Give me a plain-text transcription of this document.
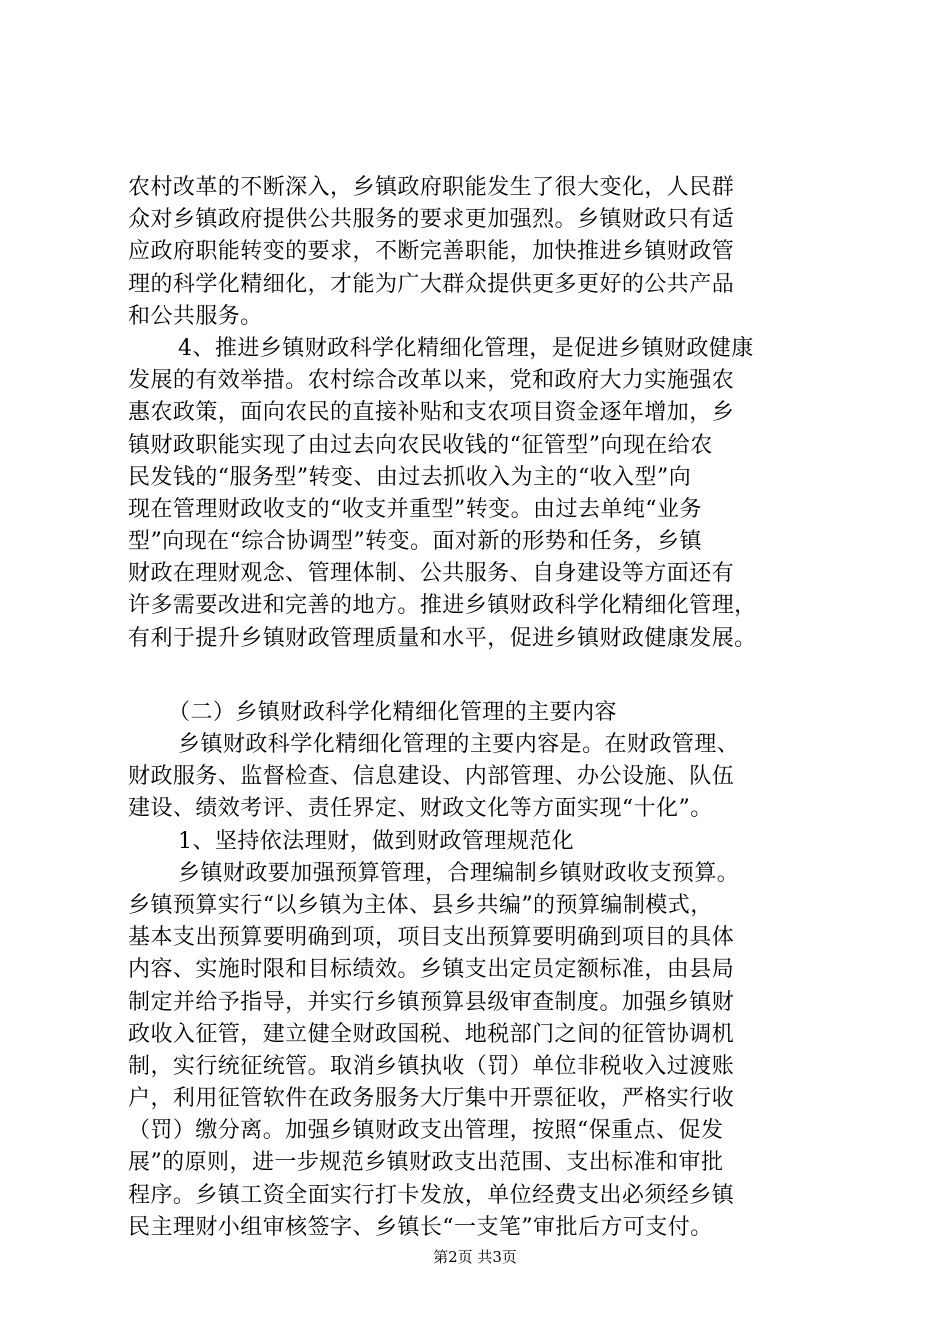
农村改革的不断深入，乡镇政府职能发生了很大变化，人民群
众对乡镇政府提供公共服务的要求更加强烈。乡镇财政只有适
应政府职能转变的要求，不断完善职能，加快推进乡镇财政管
理的科学化精细化，才能为广大群众提供更多更好的公共产品
和公共服务。
4、推进乡镇财政科学化精细化管理，是促进乡镇财政健康
发展的有效举措。农村综合改革以来，党和政府大力实施强农
惠农政策，面向农民的直接补贴和支农项目资金逐年增加，乡
镇财政职能实现了由过去向农民收钱的“征管型”向现在给农
民发钱的“服务型”转变、由过去抓收入为主的“收入型”向
现在管理财政收支的“收支并重型”转变。由过去单纯“业务
型”向现在“综合协调型”转变。面对新的形势和任务，乡镇
财政在理财观念、管理体制、公共服务、自身建设等方面还有
许多需要改进和完善的地方。推进乡镇财政科学化精细化管理，
有利于提升乡镇财政管理质量和水平，促进乡镇财政健康发展。
（二）乡镇财政科学化精细化管理的主要内容
乡镇财政科学化精细化管理的主要内容是。在财政管理、
财政服务、监督检查、信息建设、内部管理、办公设施、队伍
建设、绩效考评、责任界定、财政文化等方面实现“十化”。
1、坚持依法理财，做到财政管理规范化
乡镇财政要加强预算管理，合理编制乡镇财政收支预算。
乡镇预算实行“以乡镇为主体、县乡共编”的预算编制模式，
基本支出预算要明确到项，项目支出预算要明确到项目的具体
内容、实施时限和目标绩效。乡镇支出定员定额标准，由县局
制定并给予指导，并实行乡镇预算县级审查制度。加强乡镇财
政收入征管，建立健全财政国税、地税部门之间的征管协调机
制，实行统征统管。取消乡镇执收（罚）单位非税收入过渡账
户，利用征管软件在政务服务大厅集中开票征收，严格实行收
（罚）缴分离。加强乡镇财政支出管理，按照“保重点、促发
展”的原则，进一步规范乡镇财政支出范围、支出标准和审批
程序。乡镇工资全面实行打卡发放，单位经费支出必须经乡镇
民主理财小组审核签字、乡镇长“一支笔”审批后方可支付。
第2页 共3页
